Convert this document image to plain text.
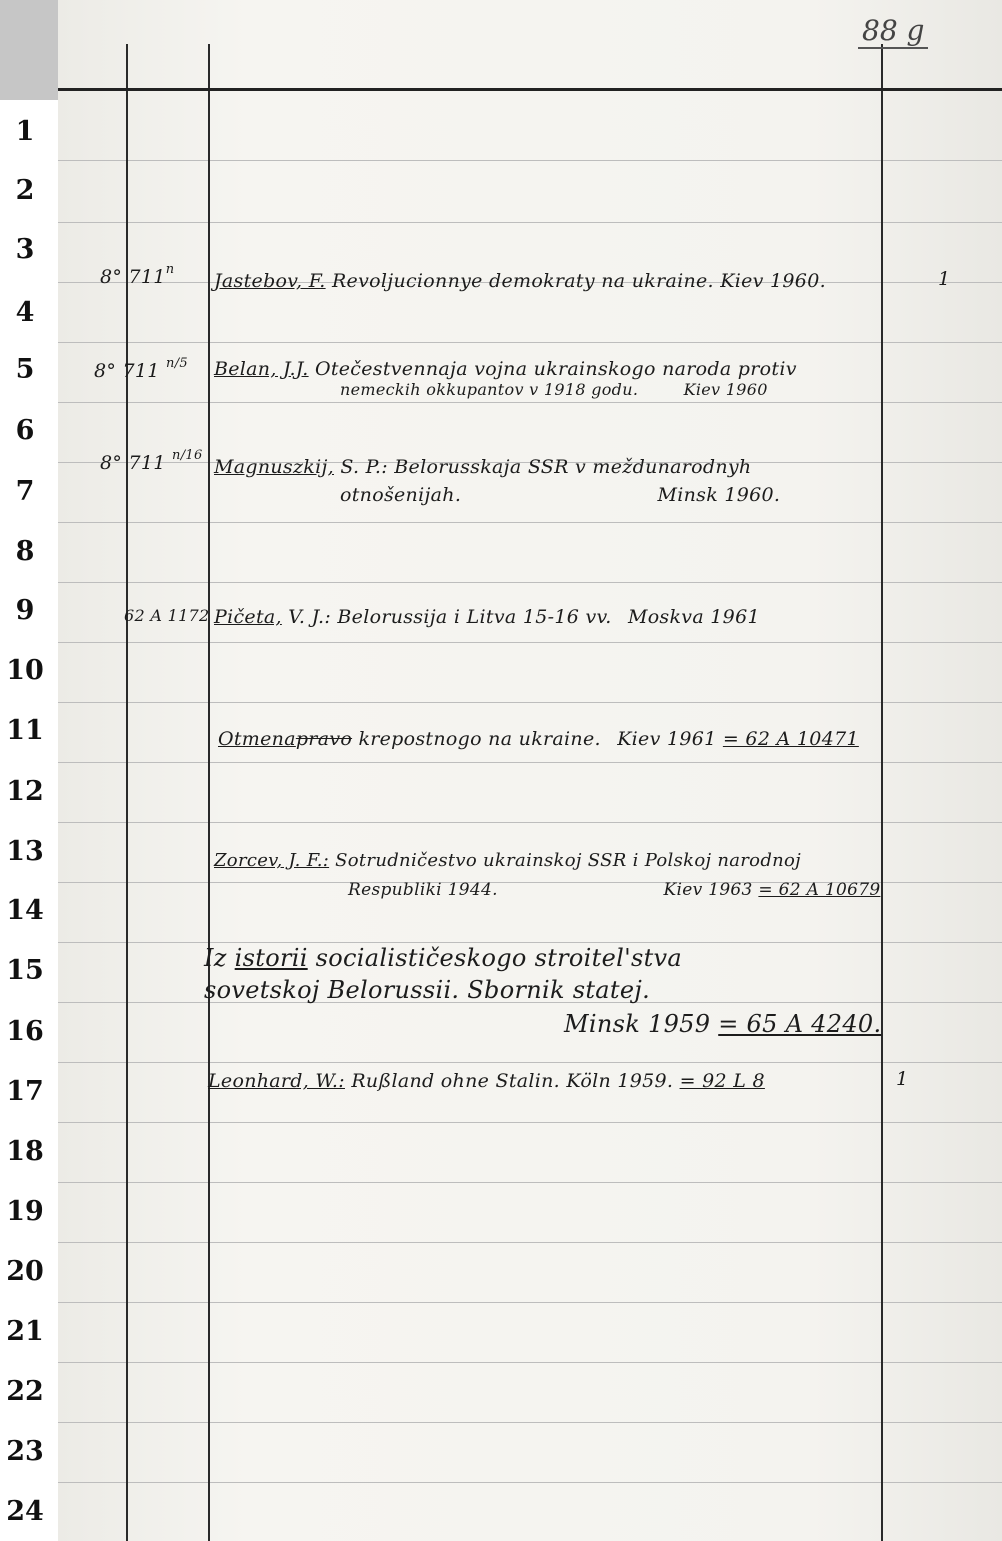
1
2
3
4
5
6
7
8
9
10
11
12
13
14
15
16
17
18
19
20
21
22
23
24
88 g
8° 711$^n$
Jastebov, F. Revoljucionnye demokraty na ukraine. Kiev 1960.	1
8° 711 $^{n/5}$ Belan, J.J. Otečestvennaja vojna ukrainskogo naroda protiv
nemeckih okkupantov v 1918 godu.	Kiev 1960
8° 711 $^{n/16}$
Magnuszkij, S. P.: Belorusskaja SSR v meždunarodnyh
otnošenijah.	Minsk 1960.
62 A 1172 Pičeta, V. J.: Belorussija i Litva 15-16 vv. Moskva 1961
Otmenapravo krepostnogo na ukraine. Kiev 1961 = 62 A 10471
Zorcev, J. F.: Sotrudničestvo ukrainskoj SSR i Polskoj narodnoj
Respubliki 1944.	Kiev 1963 = 62 A 10679
Iz istorii socialističeskogo stroitel'stva
sovetskoj Belorussii. Sbornik statej.
Minsk 1959 = 65 A 4240.
Leonhard, W.: Rußland ohne Stalin. Köln 1959. = 92 L 8	1
